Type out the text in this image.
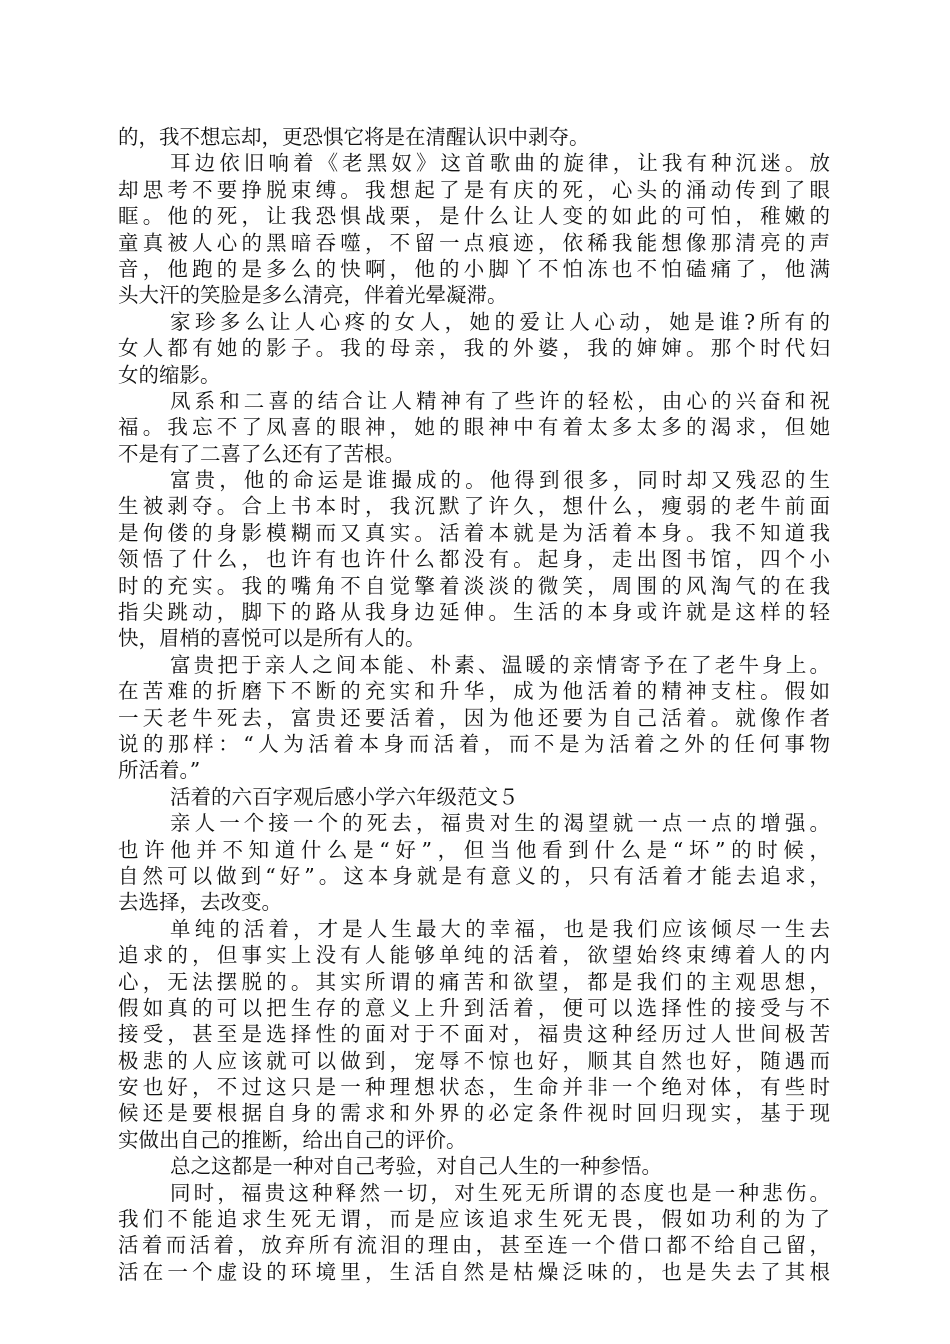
的，我不想忘却，更恐惧它将是在清醒认识中剥夺。
耳边依旧响着《老黑奴》这首歌曲的旋律，让我有种沉迷。放
却思考不要挣脱束缚。我想起了是有庆的死，心头的涌动传到了眼
眶。他的死，让我恐惧战栗，是什么让人变的如此的可怕，稚嫩的
童真被人心的黑暗吞噬，不留一点痕迹，依稀我能想像那清亮的声
音，他跑的是多么的快啊，他的小脚丫不怕冻也不怕磕痛了，他满
头大汗的笑脸是多么清亮，伴着光晕凝滞。
家珍多么让人心疼的女人，她的爱让人心动，她是谁?所有的
女人都有她的影子。我的母亲，我的外婆，我的婶婶。那个时代妇
女的缩影。
凤系和二喜的结合让人精神有了些许的轻松，由心的兴奋和祝
福。我忘不了凤喜的眼神，她的眼神中有着太多太多的渴求，但她
不是有了二喜了么还有了苦根。
富贵，他的命运是谁撮成的。他得到很多，同时却又残忍的生
生被剥夺。合上书本时，我沉默了许久，想什么，瘦弱的老牛前面
是佝偻的身影模糊而又真实。活着本就是为活着本身。我不知道我
领悟了什么，也许有也许什么都没有。起身，走出图书馆，四个小
时的充实。我的嘴角不自觉擎着淡淡的微笑，周围的风淘气的在我
指尖跳动，脚下的路从我身边延伸。生活的本身或许就是这样的轻
快，眉梢的喜悦可以是所有人的。
富贵把于亲人之间本能、朴素、温暖的亲情寄予在了老牛身上。
在苦难的折磨下不断的充实和升华，成为他活着的精神支柱。假如
一天老牛死去，富贵还要活着，因为他还要为自己活着。就像作者
说的那样：“人为活着本身而活着，而不是为活着之外的任何事物
所活着。”
活着的六百字观后感小学六年级范文５
亲人一个接一个的死去，福贵对生的渴望就一点一点的增强。
也许他并不知道什么是“好”，但当他看到什么是“坏”的时候，
自然可以做到“好”。这本身就是有意义的，只有活着才能去追求，
去选择，去改变。
单纯的活着，才是人生最大的幸福，也是我们应该倾尽一生去
追求的，但事实上没有人能够单纯的活着，欲望始终束缚着人的内
心，无法摆脱的。其实所谓的痛苦和欲望，都是我们的主观思想，
假如真的可以把生存的意义上升到活着，便可以选择性的接受与不
接受，甚至是选择性的面对于不面对，福贵这种经历过人世间极苦
极悲的人应该就可以做到，宠辱不惊也好，顺其自然也好，随遇而
安也好，不过这只是一种理想状态，生命并非一个绝对体，有些时
候还是要根据自身的需求和外界的必定条件视时回归现实，基于现
实做出自己的推断，给出自己的评价。
总之这都是一种对自己考验，对自己人生的一种参悟。
同时，福贵这种释然一切，对生死无所谓的态度也是一种悲伤。
我们不能追求生死无谓，而是应该追求生死无畏，假如功利的为了
活着而活着，放弃所有流泪的理由，甚至连一个借口都不给自己留，
活在一个虚设的环境里，生活自然是枯燥泛味的，也是失去了其根
